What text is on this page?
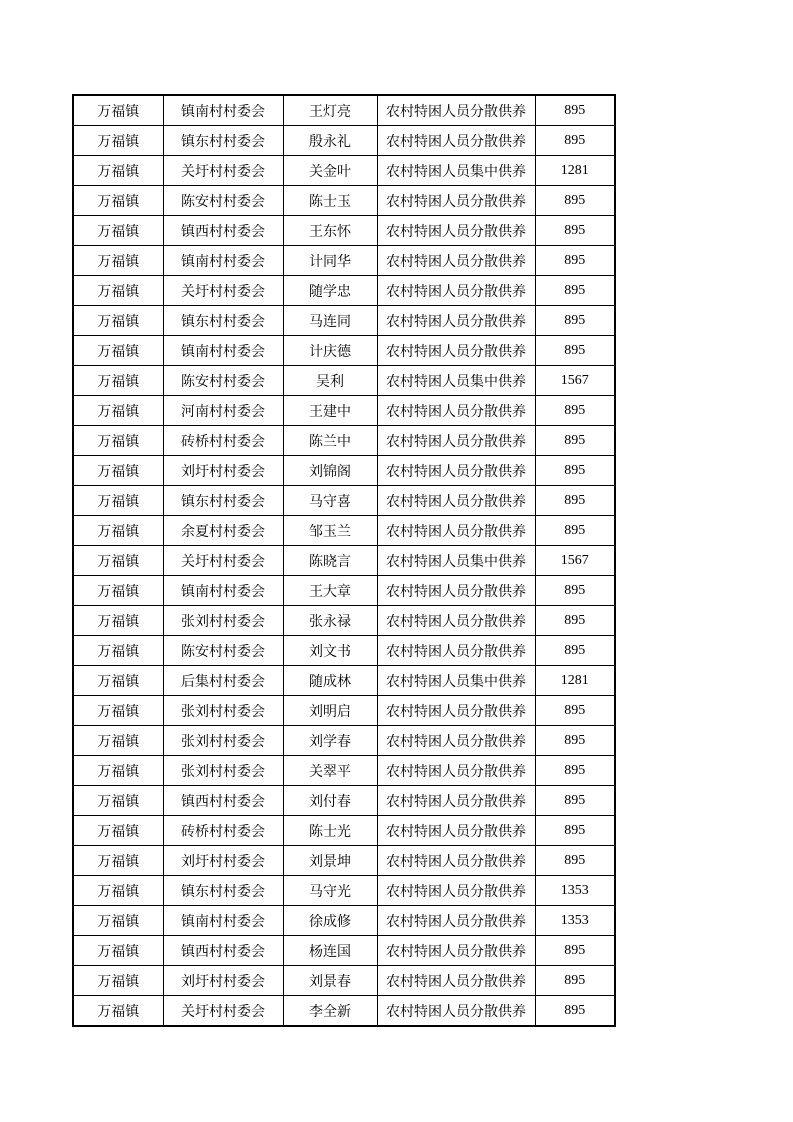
万福镇	镇南村村委会	王灯亮	农村特困人员分散供养	895
万福镇	镇东村村委会	殷永礼	农村特困人员分散供养	895
万福镇	关圩村村委会	关金叶	农村特困人员集中供养	1281
万福镇	陈安村村委会	陈士玉	农村特困人员分散供养	895
万福镇	镇西村村委会	王东怀	农村特困人员分散供养	895
万福镇	镇南村村委会	计同华	农村特困人员分散供养	895
万福镇	关圩村村委会	随学忠	农村特困人员分散供养	895
万福镇	镇东村村委会	马连同	农村特困人员分散供养	895
万福镇	镇南村村委会	计庆德	农村特困人员分散供养	895
万福镇	陈安村村委会	吴利	农村特困人员集中供养	1567
万福镇	河南村村委会	王建中	农村特困人员分散供养	895
万福镇	砖桥村村委会	陈兰中	农村特困人员分散供养	895
万福镇	刘圩村村委会	刘锦阁	农村特困人员分散供养	895
万福镇	镇东村村委会	马守喜	农村特困人员分散供养	895
万福镇	余夏村村委会	邹玉兰	农村特困人员分散供养	895
万福镇	关圩村村委会	陈晓言	农村特困人员集中供养	1567
万福镇	镇南村村委会	王大章	农村特困人员分散供养	895
万福镇	张刘村村委会	张永禄	农村特困人员分散供养	895
万福镇	陈安村村委会	刘文书	农村特困人员分散供养	895
万福镇	后集村村委会	随成林	农村特困人员集中供养	1281
万福镇	张刘村村委会	刘明启	农村特困人员分散供养	895
万福镇	张刘村村委会	刘学春	农村特困人员分散供养	895
万福镇	张刘村村委会	关翠平	农村特困人员分散供养	895
万福镇	镇西村村委会	刘付春	农村特困人员分散供养	895
万福镇	砖桥村村委会	陈士光	农村特困人员分散供养	895
万福镇	刘圩村村委会	刘景坤	农村特困人员分散供养	895
万福镇	镇东村村委会	马守光	农村特困人员分散供养	1353
万福镇	镇南村村委会	徐成修	农村特困人员分散供养	1353
万福镇	镇西村村委会	杨连国	农村特困人员分散供养	895
万福镇	刘圩村村委会	刘景春	农村特困人员分散供养	895
万福镇	关圩村村委会	李全新	农村特困人员分散供养	895
